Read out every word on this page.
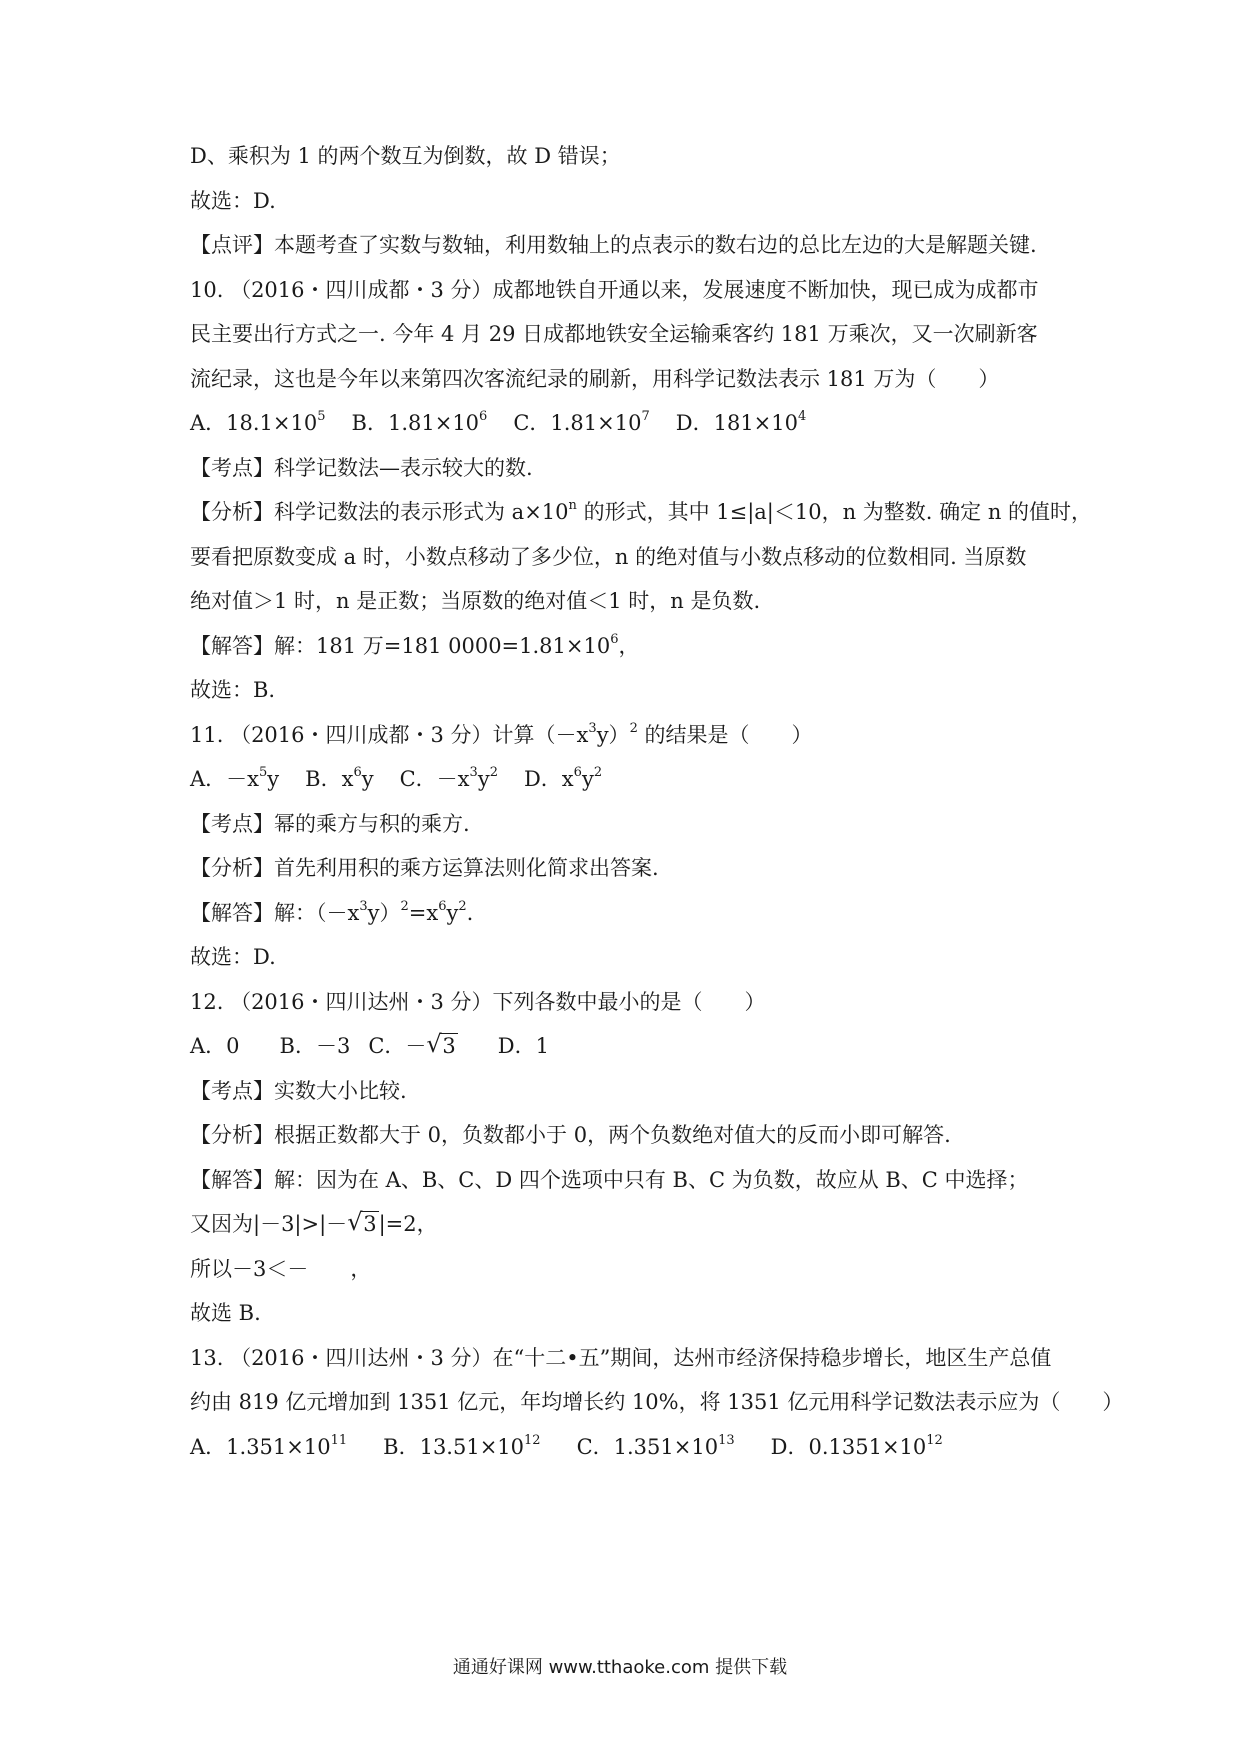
D、乘积为 1 的两个数互为倒数，故 D 错误；
故选：D.
【点评】本题考查了实数与数轴，利用数轴上的点表示的数右边的总比左边的大是解题关键.
10. （2016・四川成都・3 分）成都地铁自开通以来，发展速度不断加快，现已成为成都市
民主要出行方式之一. 今年 4 月 29 日成都地铁安全运输乘客约 181 万乘次，又一次刷新客
流纪录，这也是今年以来第四次客流纪录的刷新，用科学记数法表示 181 万为（　　）
A．$18.1\times 10^5$ B．$1.81\times 10^6$ C．$1.81\times 10^7$ D．$181\times 10^4$
【考点】科学记数法—表示较大的数.
【分析】科学记数法的表示形式为 $a\times 10^n$ 的形式，其中 1≤|a|＜10，n 为整数. 确定 n 的值时，
要看把原数变成 a 时，小数点移动了多少位，n 的绝对值与小数点移动的位数相同. 当原数
绝对值＞1 时，n 是正数；当原数的绝对值＜1 时，n 是负数.
【解答】解：181 万=181 $0000=1.81\times 10^6$，
故选：B.
11. （2016・四川成都・3 分）计算$(-x^3y)^2$ 的结果是（　　）
A．$-x^5y$ B．$x^6y$ C．$-x^3y^2$ D．$x^6y^2$
【考点】幂的乘方与积的乘方.
【分析】首先利用积的乘方运算法则化简求出答案.
【解答】解：$(-x^3y)^2=x^6y^2$.
故选：D.
12. （2016・四川达州・3 分）下列各数中最小的是（　　）
A．0 B．－3 C．－ √ 3 D．1
【考点】实数大小比较.
【分析】根据正数都大于 0，负数都小于 0，两个负数绝对值大的反而小即可解答.
【解答】解：因为在 A、B、C、D 四个选项中只有 B、C 为负数，故应从 B、C 中选择；
又因为|－3|>|－ √ 3|=2，
所以－3＜－　　，
故选 B.
13. （2016・四川达州・3 分）在“十二•五”期间，达州市经济保持稳步增长，地区生产总值
约由 819 亿元增加到 1351 亿元，年均增长约 10%，将 1351 亿元用科学记数法表示应为（　　）
A．$1.351\times 10^{11}$ B．$13.51\times 10^{12}$ C．$1.351\times 10^{13}$ D．$0.1351\times 10^{12}$
通通好课网 www.tthaoke.com 提供下载
